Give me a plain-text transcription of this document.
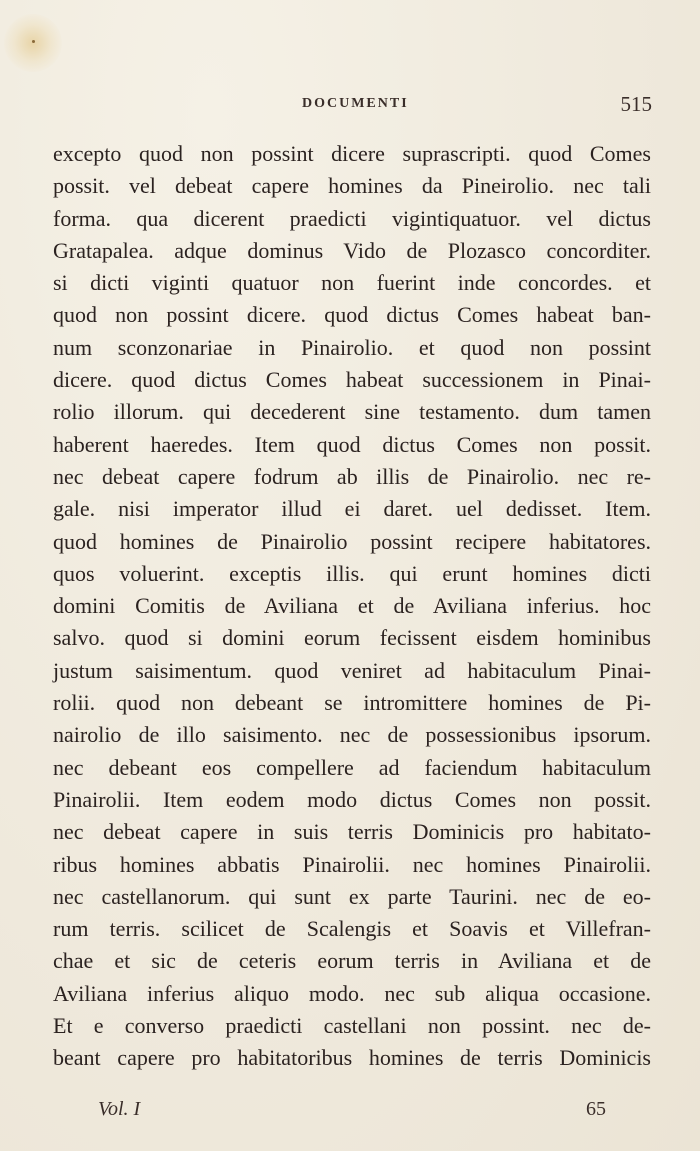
DOCUMENTI	515
excepto quod non possint dicere suprascripti. quod Comes
possit. vel debeat capere homines da Pineirolio. nec tali
forma. qua dicerent praedicti vigintiquatuor. vel dictus
Gratapalea. adque dominus Vido de Plozasco concorditer.
si dicti viginti quatuor non fuerint inde concordes. et
quod non possint dicere. quod dictus Comes habeat ban-
num sconzonariae in Pinairolio. et quod non possint
dicere. quod dictus Comes habeat successionem in Pinai-
rolio illorum. qui decederent sine testamento. dum tamen
haberent haeredes. Item quod dictus Comes non possit.
nec debeat capere fodrum ab illis de Pinairolio. nec re-
gale. nisi imperator illud ei daret. uel dedisset. Item.
quod homines de Pinairolio possint recipere habitatores.
quos voluerint. exceptis illis. qui erunt homines dicti
domini Comitis de Aviliana et de Aviliana inferius. hoc
salvo. quod si domini eorum fecissent eisdem hominibus
justum saisimentum. quod veniret ad habitaculum Pinai-
rolii. quod non debeant se intromittere homines de Pi-
nairolio de illo saisimento. nec de possessionibus ipsorum.
nec debeant eos compellere ad faciendum habitaculum
Pinairolii. Item eodem modo dictus Comes non possit.
nec debeat capere in suis terris Dominicis pro habitato-
ribus homines abbatis Pinairolii. nec homines Pinairolii.
nec castellanorum. qui sunt ex parte Taurini. nec de eo-
rum terris. scilicet de Scalengis et Soavis et Villefran-
chae et sic de ceteris eorum terris in Aviliana et de
Aviliana inferius aliquo modo. nec sub aliqua occasione.
Et e converso praedicti castellani non possint. nec de-
beant capere pro habitatoribus homines de terris Dominicis
Vol. I	65
